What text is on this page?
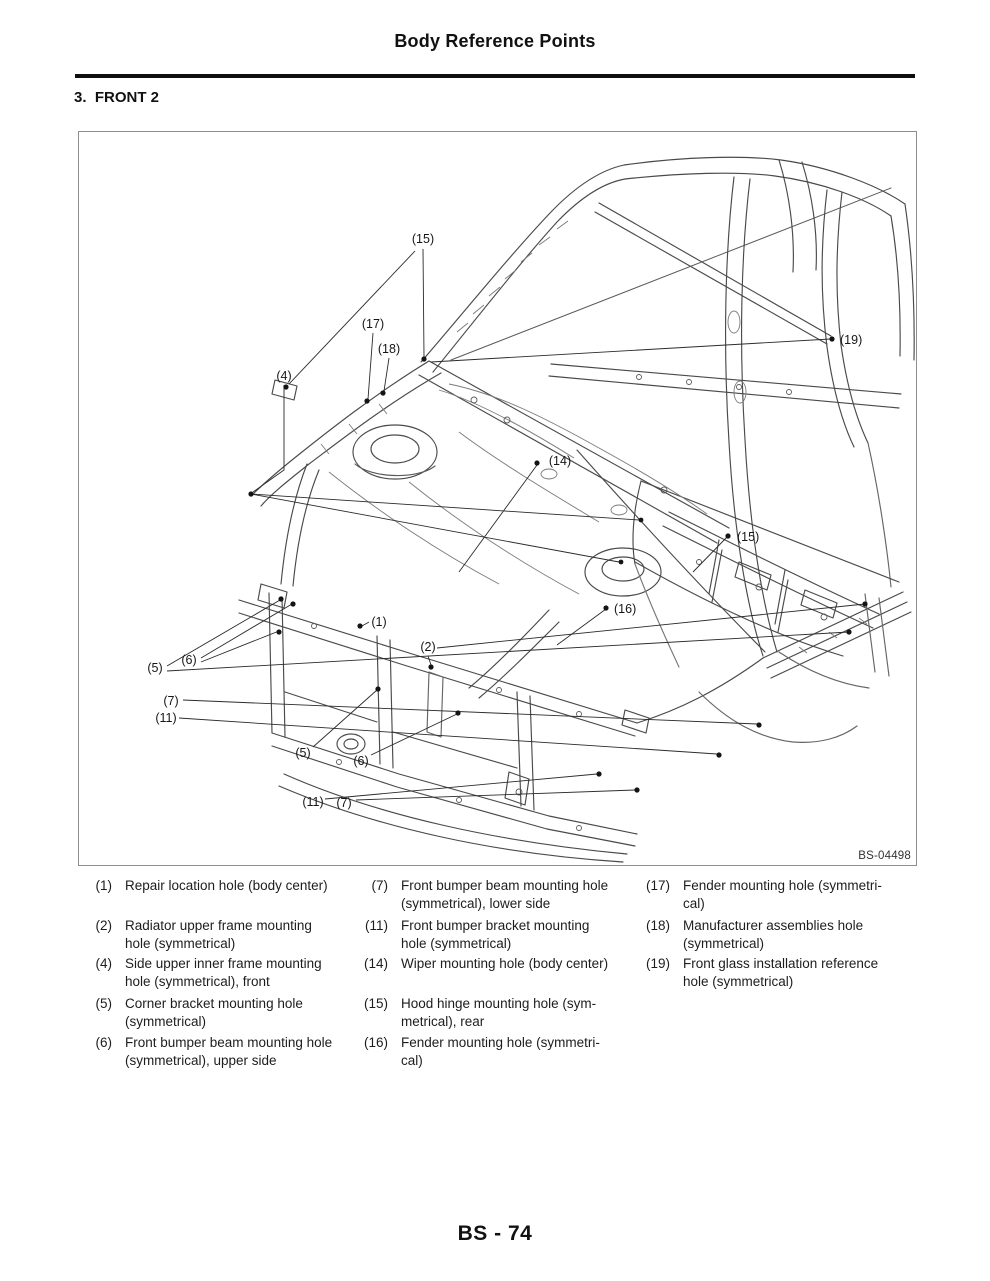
Body Reference Points
3.  FRONT 2
(15)
(17)
(18)
(4)
(19)
(14)
(15)
(16)
(1)
(2)
(5)
(6)
(7)
(11)
(5)
(6)
(11) (7)
BS-04498
(1) Repair location hole (body center)
(2) Radiator upper frame mounting
hole (symmetrical)
(4) Side upper inner frame mounting
hole (symmetrical), front
(5) Corner bracket mounting hole
(symmetrical)
(6) Front bumper beam mounting hole
(symmetrical), upper side
(7) Front bumper beam mounting hole
(symmetrical), lower side
(11) Front bumper bracket mounting
hole (symmetrical)
(14) Wiper mounting hole (body center)
(15) Hood hinge mounting hole (sym-
metrical), rear
(16) Fender mounting hole (symmetri-
cal)
(17) Fender mounting hole (symmetri-
cal)
(18) Manufacturer assemblies hole
(symmetrical)
(19) Front glass installation reference
hole (symmetrical)
BS - 74
